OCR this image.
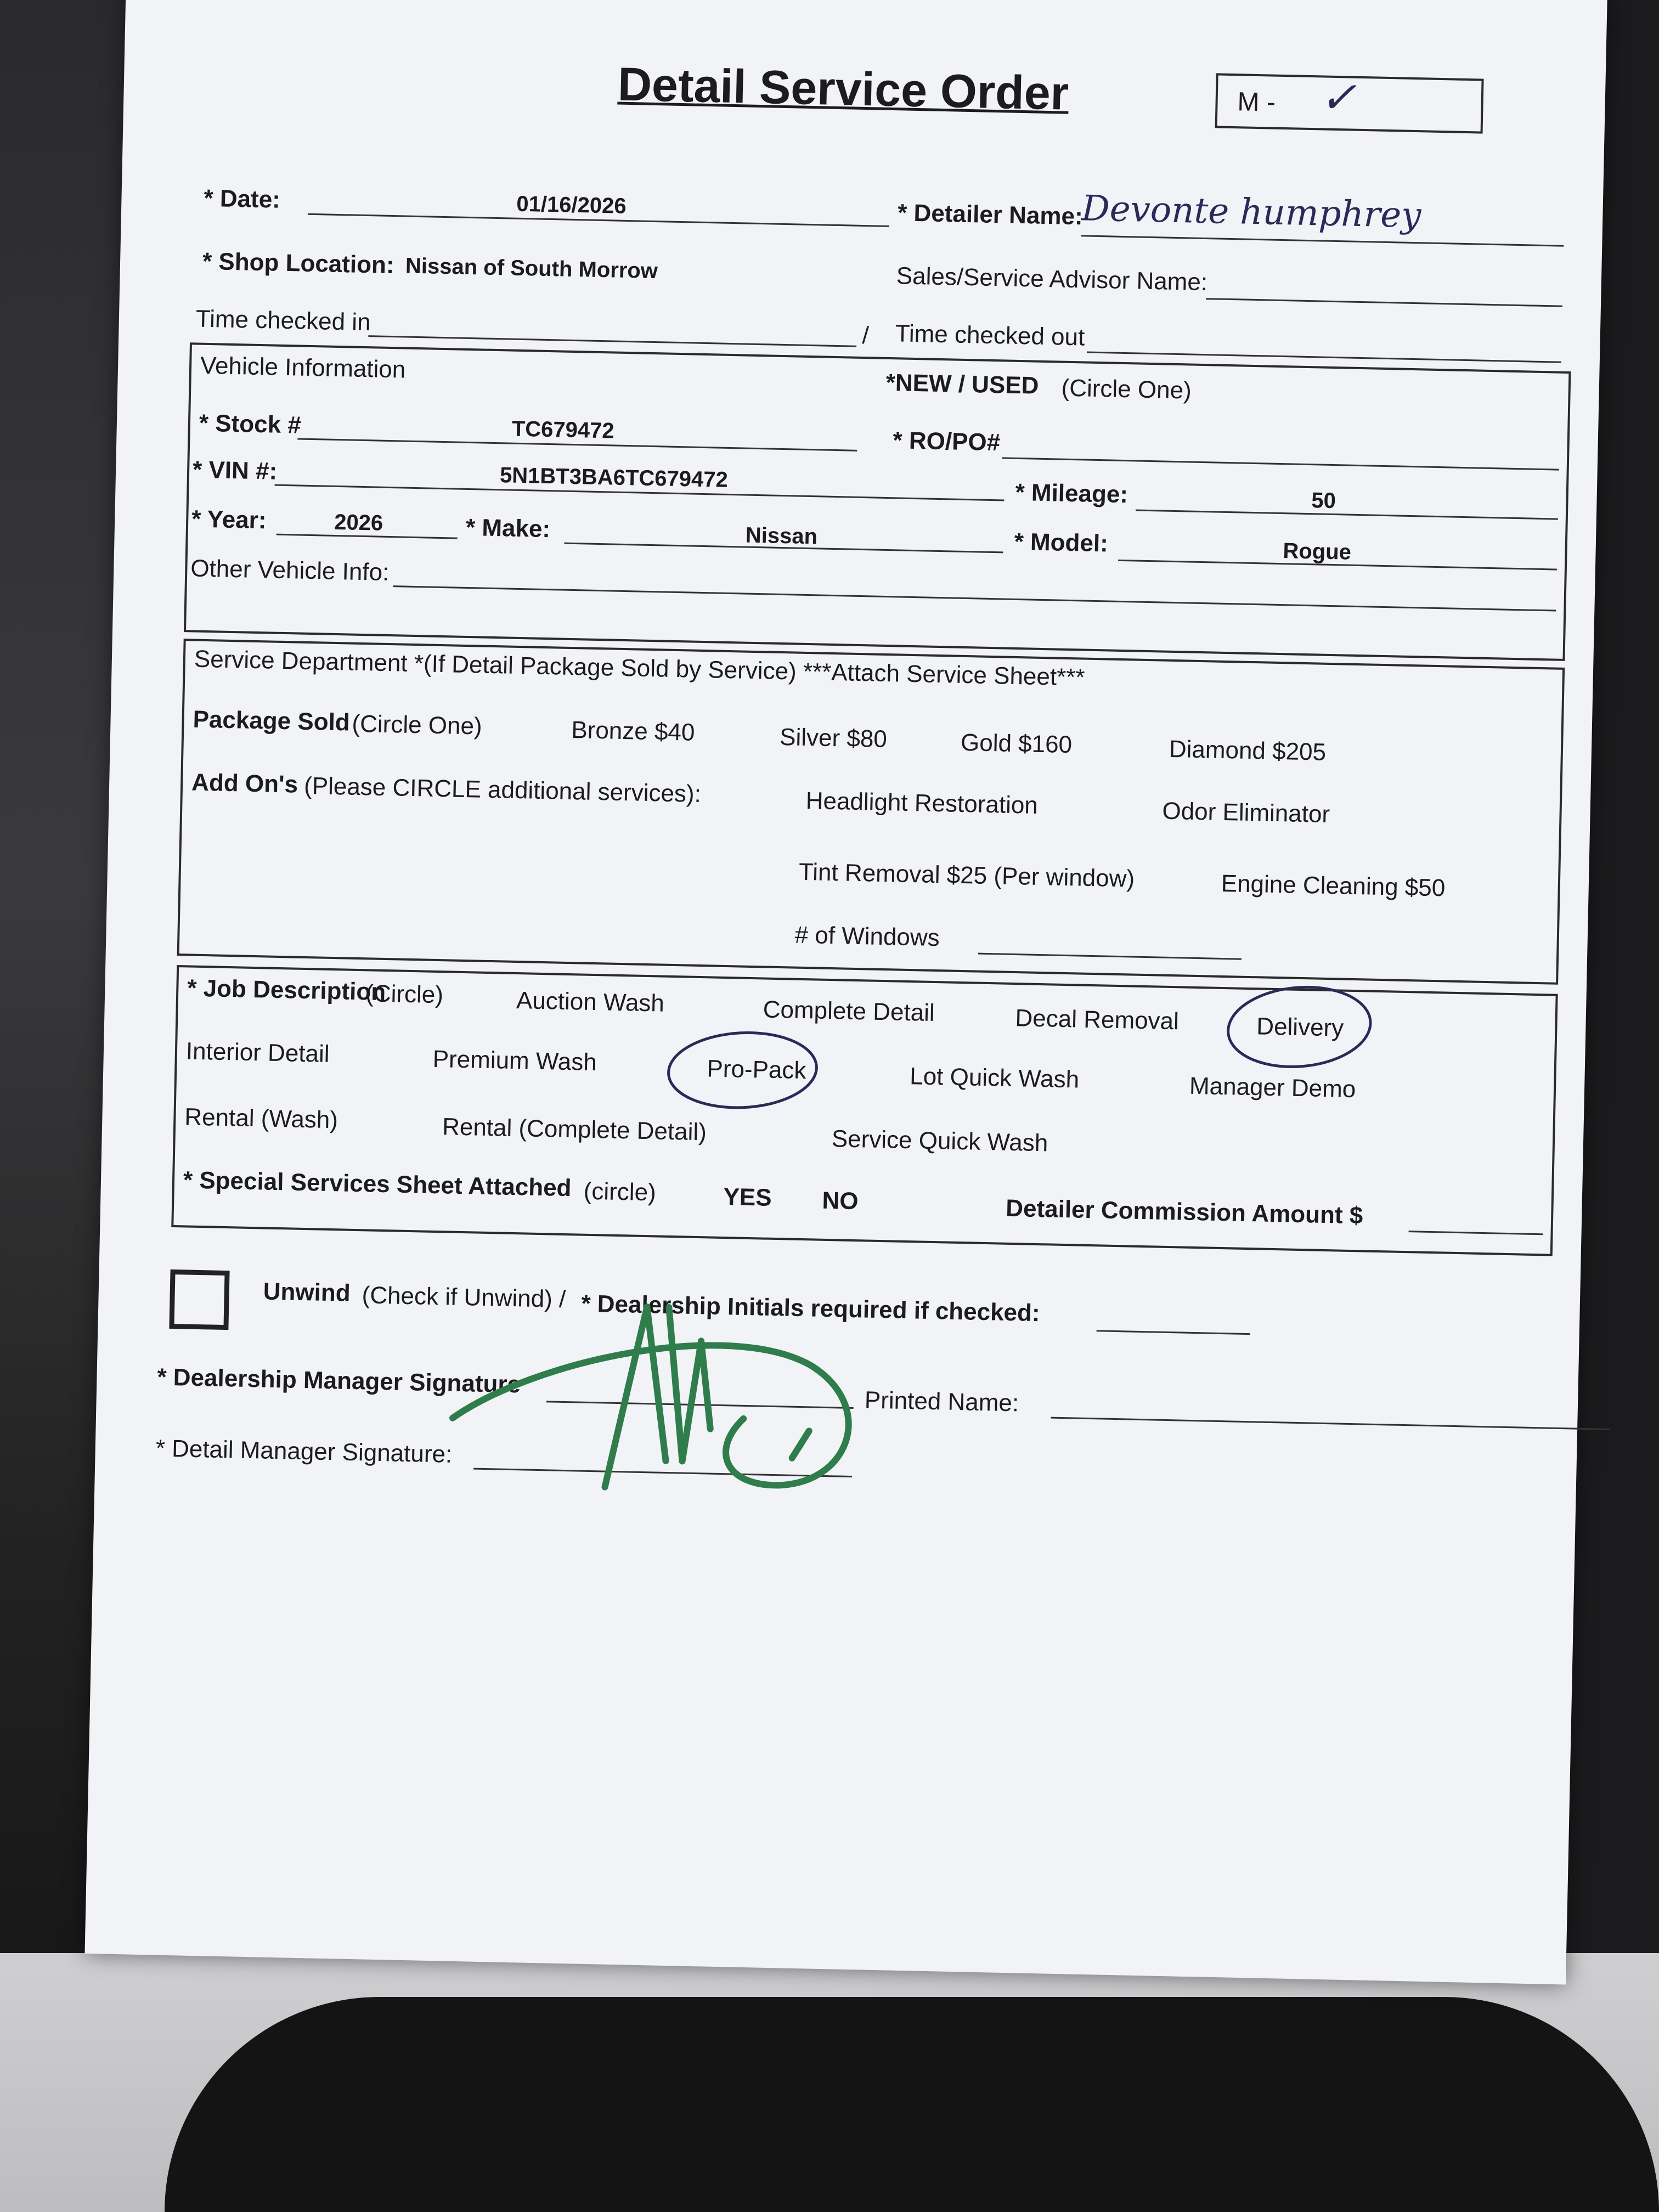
Detail Service Order	M - ✓
* Date:	01/16/2026	* Detailer Name:
Devonte humphrey
* Shop Location: Nissan of South Morrow	Sales/Service Advisor Name:
Time checked in	/ Time checked out
Vehicle Information
*NEW / USED (Circle One)
* Stock #	TC679472	* RO/PO#
* VIN #:	5N1BT3BA6TC679472
* Mileage:	50
* Year:	2026	* Make:	Nissan	* Model:	Rogue
Other Vehicle Info:
Service Department *(If Detail Package Sold by Service) ***Attach Service Sheet***
Package Sold (Circle One)	Bronze $40	Silver $80	Gold $160	Diamond $205
Add On's (Please CIRCLE additional services):	Headlight Restoration	Odor Eliminator
Tint Removal $25 (Per window)	Engine Cleaning $50
# of Windows
* Job Description
(Circle)	Auction Wash	Complete Detail	Decal Removal	Delivery
Interior Detail	Premium Wash	Pro-Pack	Lot Quick Wash	Manager Demo
Rental (Wash)	Rental (Complete Detail)	Service Quick Wash
* Special Services Sheet Attached (circle)	YES NO	Detailer Commission Amount $
Unwind (Check if Unwind) / * Dealership Initials required if checked:
* Dealership Manager Signature
Printed Name:
* Detail Manager Signature:
